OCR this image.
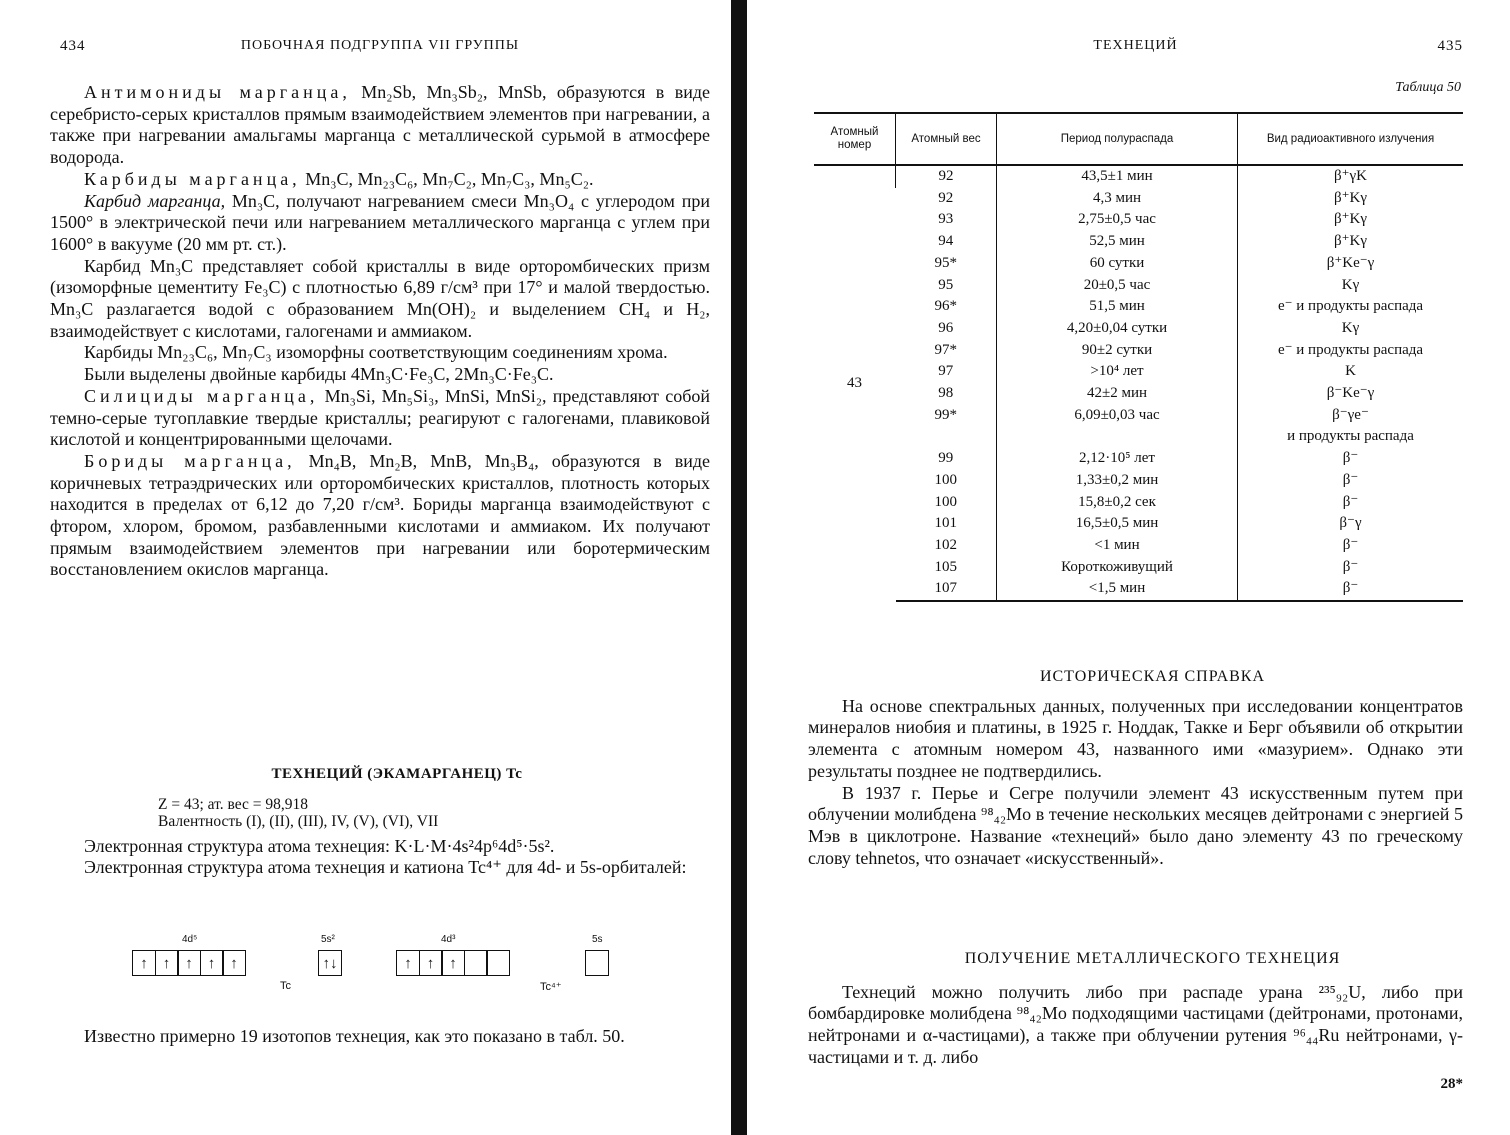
434	ПОБОЧНАЯ ПОДГРУППА VII ГРУППЫ

Антимониды марганца, Mn₂Sb, Mn₃Sb₂, MnSb, образуются в виде серебристо-серых кристаллов прямым взаимодействием элементов при нагревании, а также при нагревании амальгамы марганца с металлической сурьмой в атмосфере водорода.

Карбиды марганца, Mn₃C, Mn₂₃C₆, Mn₇C₂, Mn₇C₃, Mn₅C₂.

Карбид марганца, Mn₃C, получают нагреванием смеси Mn₃O₄ с углеродом при 1500° в электрической печи или нагреванием металлического марганца с углем при 1600° в вакууме (20 мм рт. ст.).

Карбид Mn₃C представляет собой кристаллы в виде орторомбических призм (изоморфные цементиту Fe₃C) с плотностью 6,89 г/см³ при 17° и малой твердостью. Mn₃C разлагается водой с образованием Mn(OH)₂ и выделением CH₄ и H₂, взаимодействует с кислотами, галогенами и аммиаком.

Карбиды Mn₂₃C₆, Mn₇C₃ изоморфны соответствующим соединениям хрома.

Были выделены двойные карбиды 4Mn₃C·Fe₃C, 2Mn₃C·Fe₃C.

Силициды марганца, Mn₃Si, Mn₅Si₃, MnSi, MnSi₂, представляют собой темно-серые тугоплавкие твердые кристаллы; реагируют с галогенами, плавиковой кислотой и концентрированными щелочами.

Бориды марганца, Mn₄B, Mn₂B, MnB, Mn₃B₄, образуются в виде коричневых тетраэдрических или орторомбических кристаллов, плотность которых находится в пределах от 6,12 до 7,20 г/см³. Бориды марганца взаимодействуют с фтором, хлором, бромом, разбавленными кислотами и аммиаком. Их получают прямым взаимодействием элементов при нагревании или боротермическим восстановлением окислов марганца.

ТЕХНЕЦИЙ (ЭКАМАРГАНЕЦ) Tc

Z = 43; ат. вес = 98,918
Валентность (I), (II), (III), IV, (V), (VI), VII

Электронная структура атома технеция: K·L·M·4s²4p⁶4d⁵·5s².

Электронная структура атома технеция и катиона Tc⁴⁺ для 4d- и 5s-орбиталей:

4d⁵
↑	↑	↑	↑	↑
5s²
↑↓
Tc
4d³
↑	↑	↑
5s
Tc⁴⁺

Известно примерно 19 изотопов технеция, как это показано в табл. 50.

ТЕХНЕЦИЙ	435
Таблица 50
Атомный номер	Атомный вес	Период полураспада	Вид радиоактивного излучения
43	92	43,5±1 мин	β⁺γK
	92	4,3 мин	β⁺Kγ
	93	2,75±0,5 час	β⁺Kγ
	94	52,5 мин	β⁺Kγ
	95*	60 сутки	β⁺Ke⁻γ
	95	20±0,5 час	Kγ
	96*	51,5 мин	e⁻ и продукты распада
	96	4,20±0,04 сутки	Kγ
	97*	90±2 сутки	e⁻ и продукты распада
	97	>10⁴ лет	K
	98	42±2 мин	β⁻Ke⁻γ
	99*	6,09±0,03 час	β⁻γe⁻
			и продукты распада
	99	2,12·10⁵ лет	β⁻
	100	1,33±0,2 мин	β⁻
	100	15,8±0,2 сек	β⁻
	101	16,5±0,5 мин	β⁻γ
	102	<1 мин	β⁻
	105	Короткоживущий	β⁻
	107	<1,5 мин	β⁻

ИСТОРИЧЕСКАЯ СПРАВКА

На основе спектральных данных, полученных при исследовании концентратов минералов ниобия и платины, в 1925 г. Ноддак, Такке и Берг объявили об открытии элемента с атомным номером 43, названного ими «мазурием». Однако эти результаты позднее не подтвердились.

В 1937 г. Перье и Сегре получили элемент 43 искусственным путем при облучении молибдена ⁹⁸₄₂Mo в течение нескольких месяцев дейтронами с энергией 5 Мэв в циклотроне. Название «технеций» было дано элементу 43 по греческому слову tehnetos, что означает «искусственный».

ПОЛУЧЕНИЕ МЕТАЛЛИЧЕСКОГО ТЕХНЕЦИЯ

Технеций можно получить либо при распаде урана ²³⁵₉₂U, либо при бомбардировке молибдена ⁹⁸₄₂Mo подходящими частицами (дейтронами, протонами, нейтронами и α-частицами), а также при облучении рутения ⁹⁶₄₄Ru нейтронами, γ-частицами и т. д. либо

28*
